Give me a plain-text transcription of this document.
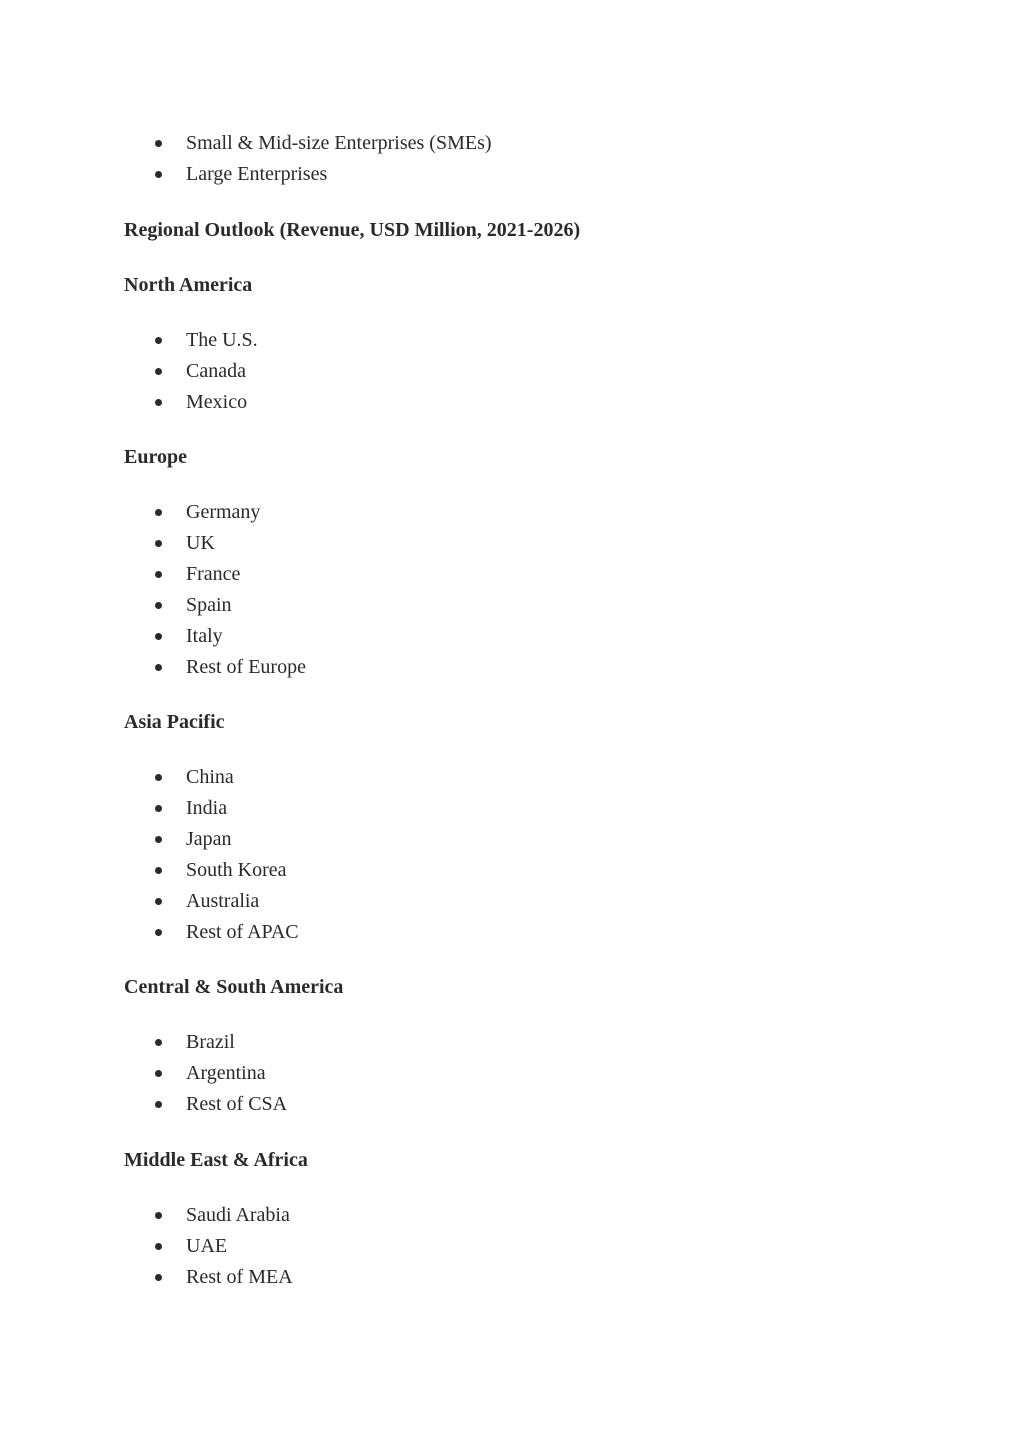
Small & Mid-size Enterprises (SMEs)
Large Enterprises
Regional Outlook (Revenue, USD Million, 2021-2026)
North America
The U.S.
Canada
Mexico
Europe
Germany
UK
France
Spain
Italy
Rest of Europe
Asia Pacific
China
India
Japan
South Korea
Australia
Rest of APAC
Central & South America
Brazil
Argentina
Rest of CSA
Middle East & Africa
Saudi Arabia
UAE
Rest of MEA
